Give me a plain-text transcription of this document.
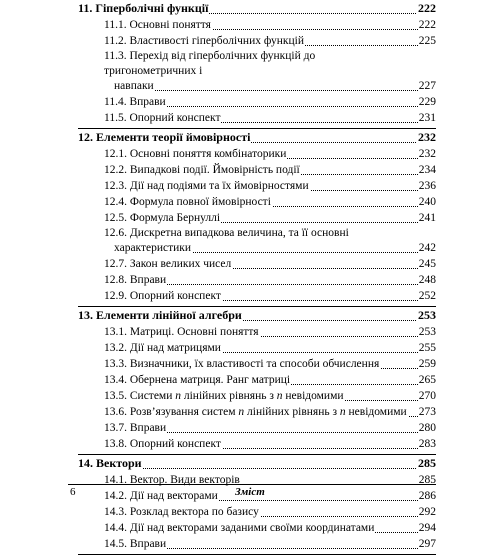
11. Гіперболічні функції	222
11.1. Основні поняття	222
11.2. Властивості гіперболічних функцій	225
11.3. Перехід від гіперболічних функцій до тригонометричних і
навпаки	227
11.4. Вправи	229
11.5. Опорний конспект	231
12. Елементи теорії ймовірності	232
12.1. Основні поняття комбінаторики	232
12.2. Випадкові події. Ймовірність події	234
12.3. Дії над подіями та їх ймовірностями	236
12.4. Формула повної ймовірності	240
12.5. Формула Бернуллі	241
12.6. Дискретна випадкова величина, та її основні
характеристики	242
12.7. Закон великих чисел	245
12.8. Вправи	248
12.9. Опорний конспект	252
13. Елементи лінійної алгебри	253
13.1. Матриці. Основні поняття	253
13.2. Дії над матрицями	255
13.3. Визначники, їх властивості та способи обчислення	259
13.4. Обернена матриця. Ранг матриці	265
13.5. Системи n лінійних рівнянь з n невідомими	270
13.6. Розв’язування систем n лінійних рівнянь з n невідомими 273
13.7. Вправи	280
13.8. Опорний конспект	283
14. Вектори	285
14.1. Вектор. Види векторів	285
14.2. Дії над векторами	286
14.3. Розклад вектора по базису	292
14.4. Дії над векторами заданими своїми координатами	294
14.5. Вправи	297
6	Зміст
